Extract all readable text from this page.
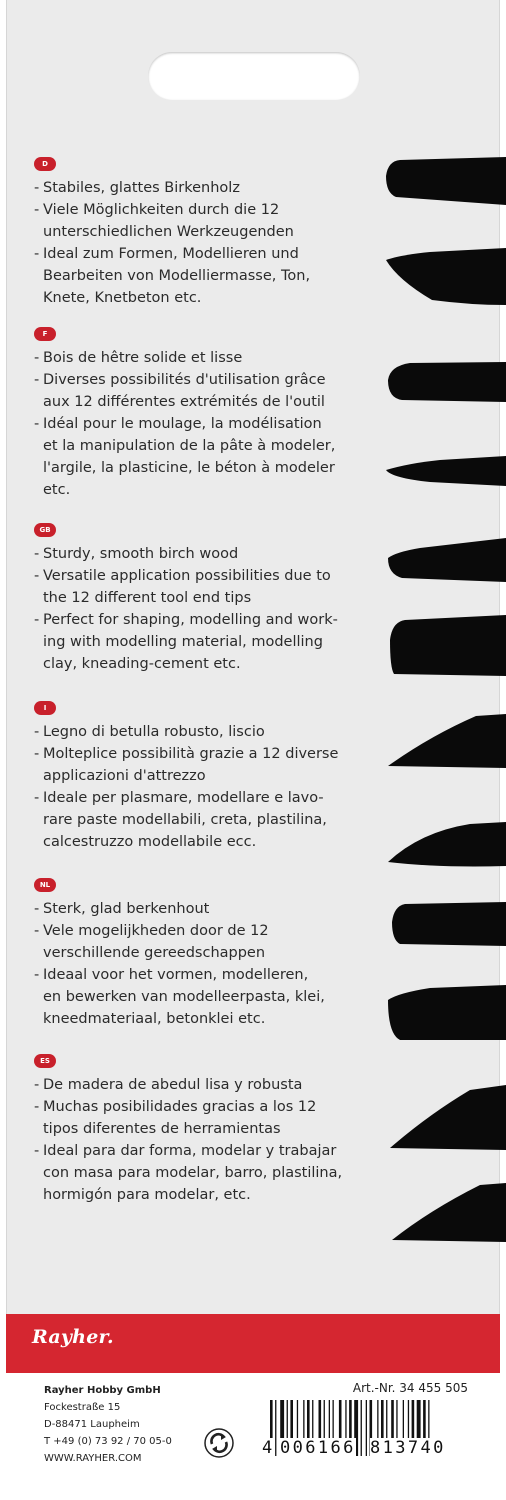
D
- Stabiles, glattes Birkenholz
- Viele Möglichkeiten durch die 12
unterschiedlichen Werkzeugenden
- Ideal zum Formen, Modellieren und
Bearbeiten von Modelliermasse, Ton,
Knete, Knetbeton etc.
F
- Bois de hêtre solide et lisse
- Diverses possibilités d'utilisation grâce
aux 12 différentes extrémités de l'outil
- Idéal pour le moulage, la modélisation
et la manipulation de la pâte à modeler,
l'argile, la plasticine, le béton à modeler
etc.
GB
- Sturdy, smooth birch wood
- Versatile application possibilities due to
the 12 different tool end tips
- Perfect for shaping, modelling and work-
ing with modelling material, modelling
clay, kneading-cement etc.
I
- Legno di betulla robusto, liscio
- Molteplice possibilità grazie a 12 diverse
applicazioni d'attrezzo
- Ideale per plasmare, modellare e lavo-
rare paste modellabili, creta, plastilina,
calcestruzzo modellabile ecc.
NL
- Sterk, glad berkenhout
- Vele mogelijkheden door de 12
verschillende gereedschappen
- Ideaal voor het vormen, modelleren,
en bewerken van modelleerpasta, klei,
kneedmateriaal, betonklei etc.
ES
- De madera de abedul lisa y robusta
- Muchas posibilidades gracias a los 12
tipos diferentes de herramientas
- Ideal para dar forma, modelar y trabajar
con masa para modelar, barro, plastilina,
hormigón para modelar, etc.
Rayher.
Rayher Hobby GmbH
Fockestraße 15
D-88471 Laupheim
T +49 (0) 73 92 / 70 05-0
WWW.RAYHER.COM
Art.-Nr. 34 455 505
4 006166 813740
